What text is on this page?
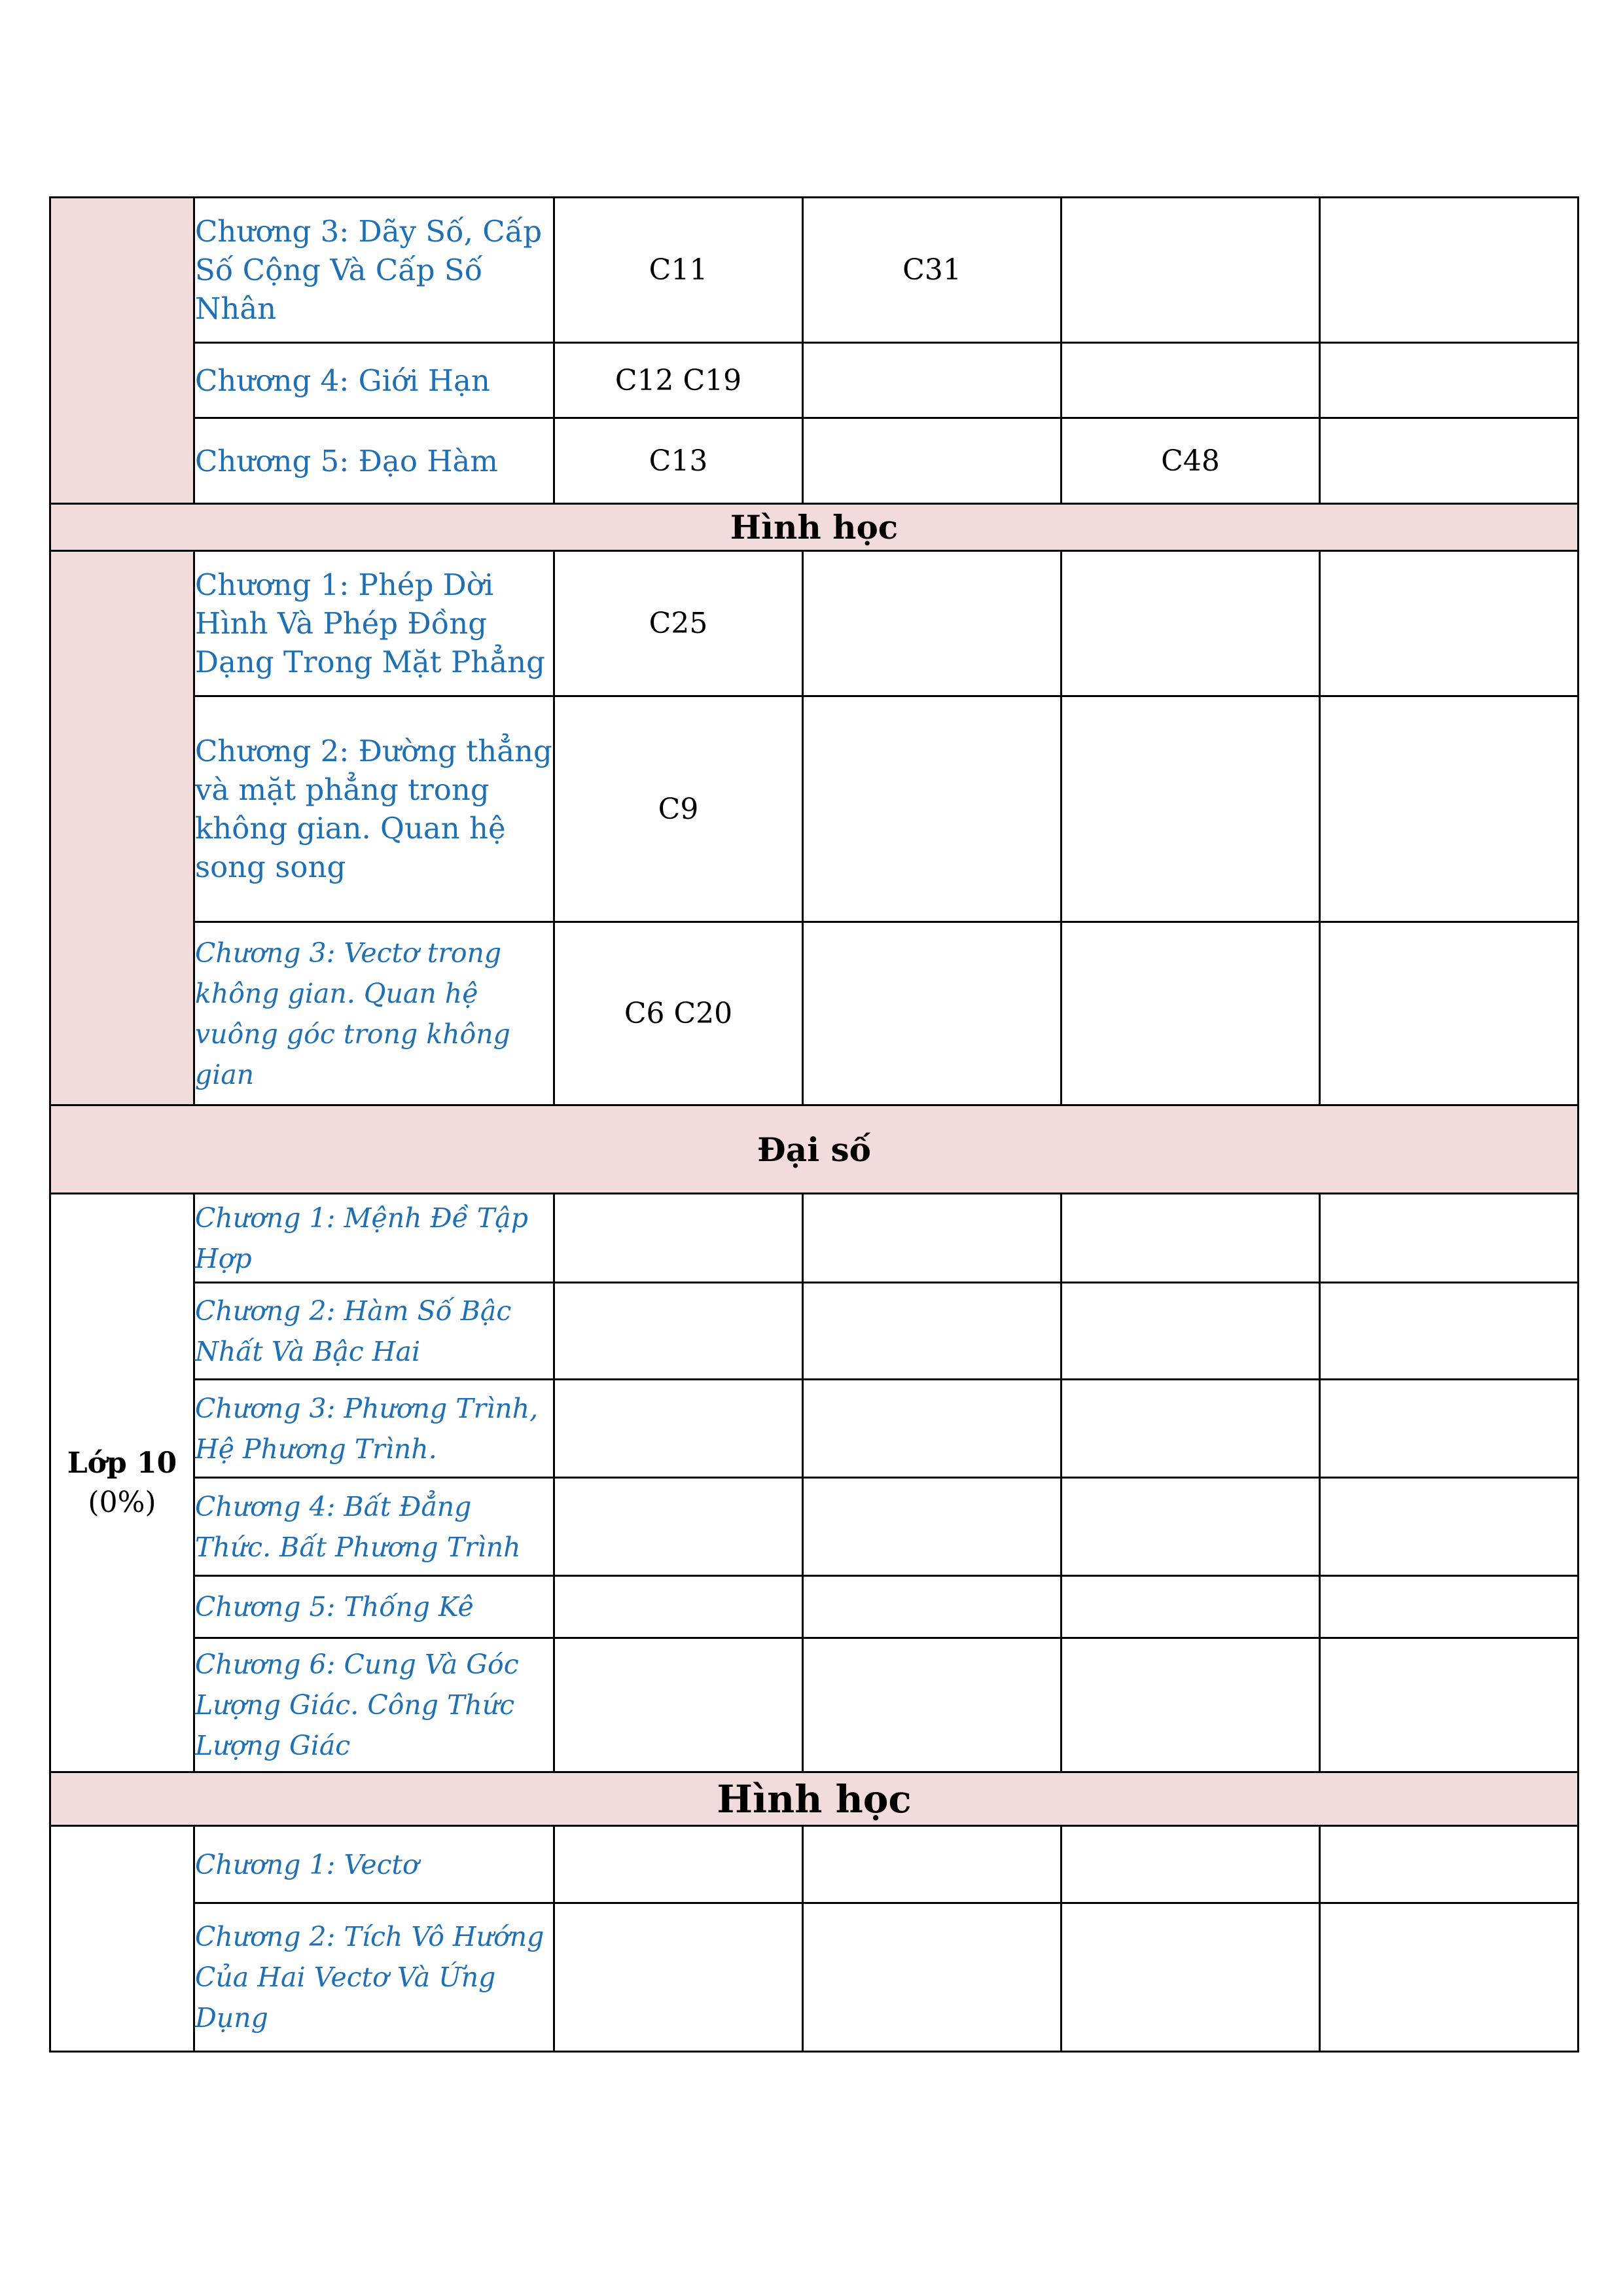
	Chương 3: Dãy Số, Cấp Số Cộng Và Cấp Số Nhân	C11	C31		
	Chương 4: Giới Hạn	C12 C19			
	Chương 5: Đạo Hàm	C13		C48	
Hình học					
	Chương 1: Phép Dời Hình Và Phép Đồng Dạng Trong Mặt Phẳng	C25			
	Chương 2: Đường thẳng và mặt phẳng trong không gian. Quan hệ song song	C9			
	Chương 3: Vectơ trong không gian. Quan hệ vuông góc trong không gian	C6 C20			
Đại số					

Lớp 10
(0%)	Chương 1: Mệnh Đề Tập Hợp				
	Chương 2: Hàm Số Bậc Nhất Và Bậc Hai				
	Chương 3: Phương Trình, Hệ Phương Trình.				
	Chương 4: Bất Đẳng Thức. Bất Phương Trình				
	Chương 5: Thống Kê				
	Chương 6: Cung Và Góc Lượng Giác. Công Thức Lượng Giác				
Hình học					
	Chương 1: Vectơ				
	Chương 2: Tích Vô Hướng Của Hai Vectơ Và Ứng Dụng				
